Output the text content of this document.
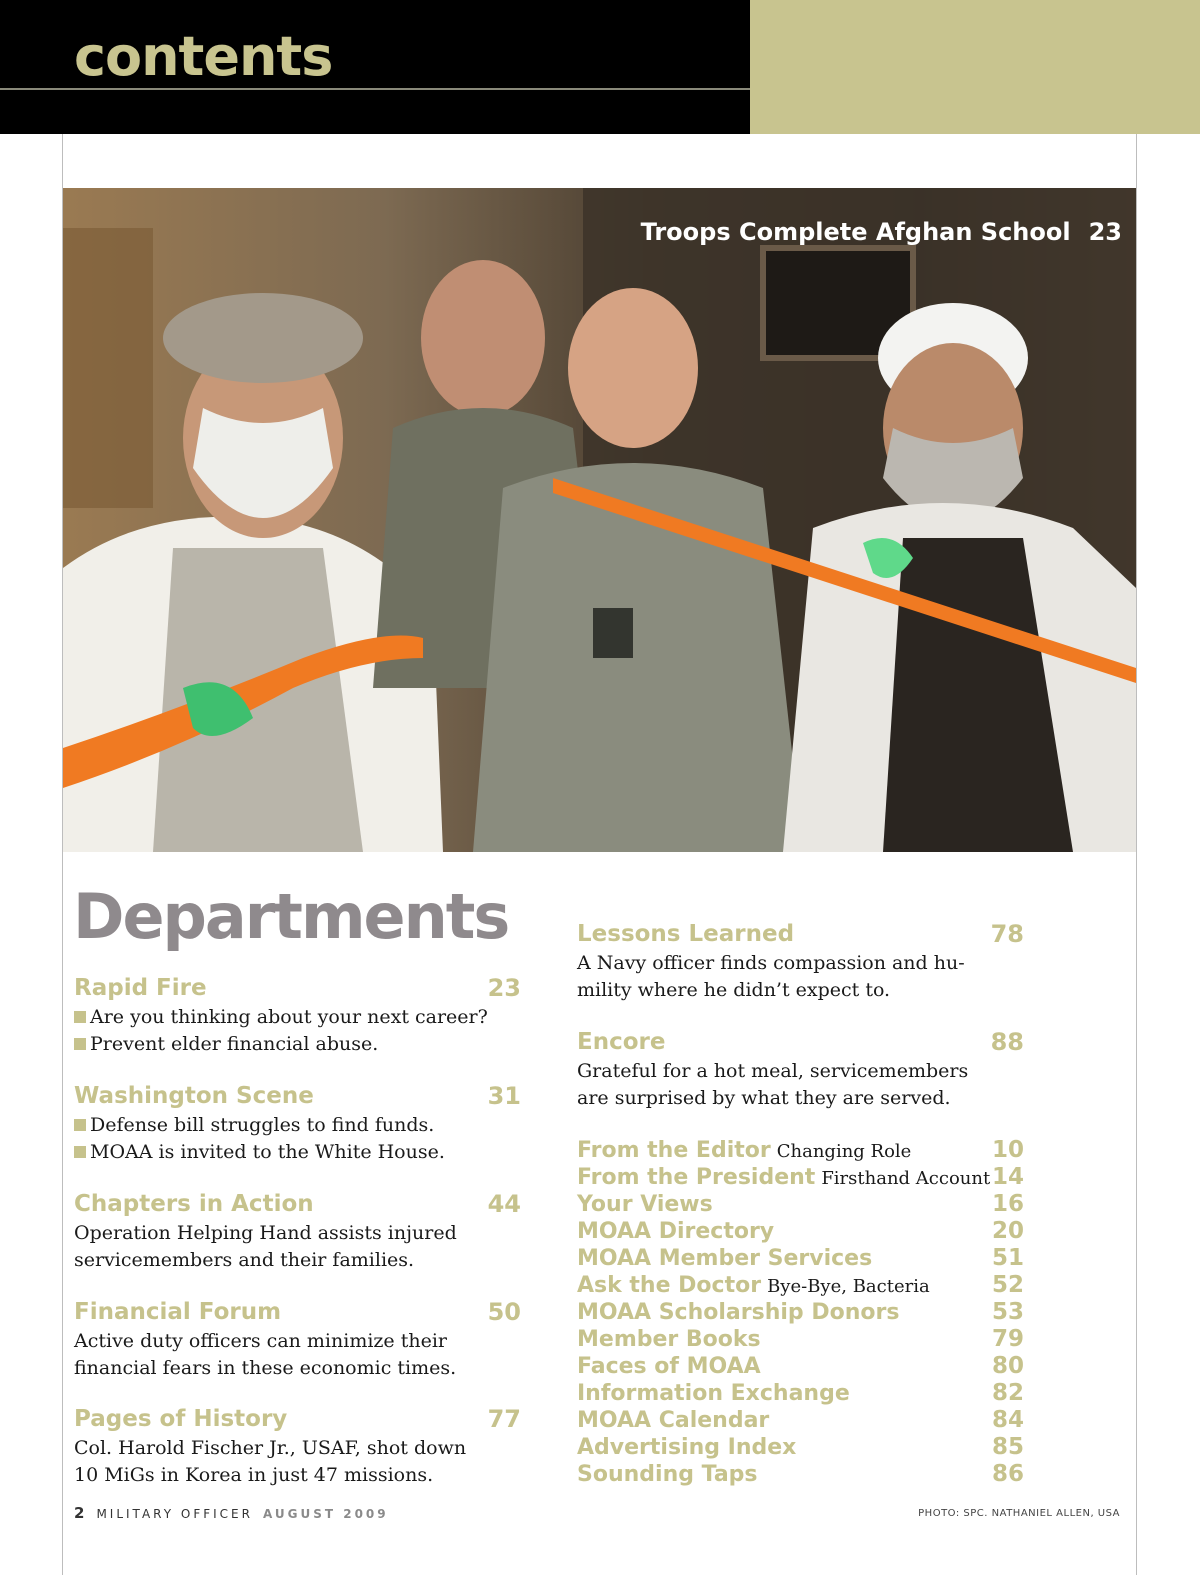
contents
Troops Complete Afghan School 23
Departments
Rapid Fire	23
Are you thinking about your next career?
Prevent elder financial abuse.
Washington Scene	31
Defense bill struggles to find funds.
MOAA is invited to the White House.
Chapters in Action	44
Operation Helping Hand assists injured
servicemembers and their families.
Financial Forum	50
Active duty officers can minimize their
financial fears in these economic times.
Pages of History	77
Col. Harold Fischer Jr., USAF, shot down
10 MiGs in Korea in just 47 missions.
Lessons Learned	78
A Navy officer finds compassion and hu-
mility where he didn’t expect to.
Encore	88
Grateful for a hot meal, servicemembers
are surprised by what they are served.
From the Editor Changing Role	10
From the President Firsthand Account 14
Your Views	16
MOAA Directory	20
MOAA Member Services	51
Ask the Doctor Bye-Bye, Bacteria	52
MOAA Scholarship Donors	53
Member Books	79
Faces of MOAA	80
Information Exchange	82
MOAA Calendar	84
Advertising Index	85
Sounding Taps	86
2 MILITARY OFFICER AUGUST 2009	PHOTO: SPC. NATHANIEL ALLEN, USA
